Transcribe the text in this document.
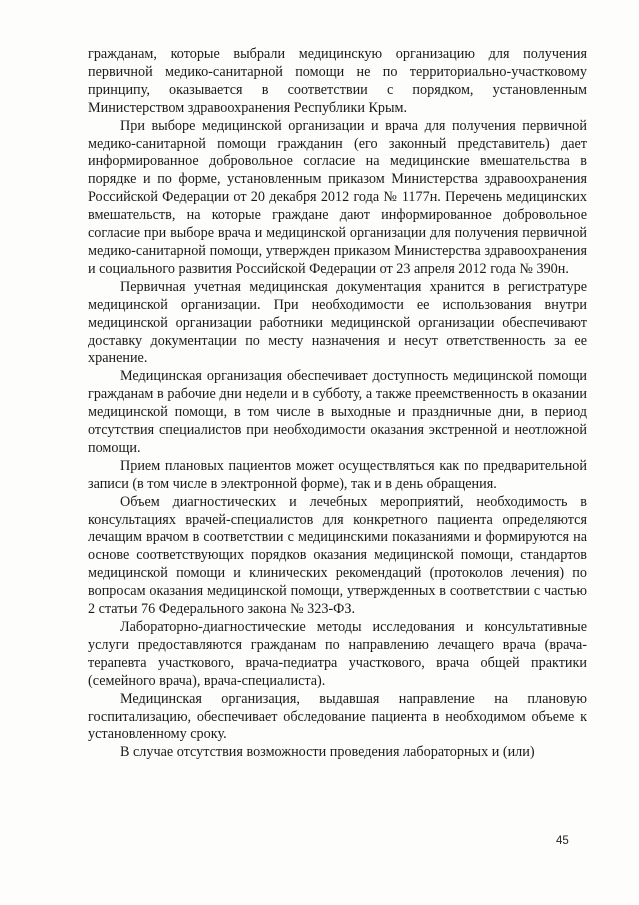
гражданам, которые выбрали медицинскую организацию для получения первичной медико-санитарной помощи не по территориально-участковому принципу, оказывается в соответствии с порядком, установленным Министерством здравоохранения Республики Крым.

При выборе медицинской организации и врача для получения первичной медико-санитарной помощи гражданин (его законный представитель) дает информированное добровольное согласие на медицинские вмешательства в порядке и по форме, установленным приказом Министерства здравоохранения Российской Федерации от 20 декабря 2012 года № 1177н. Перечень медицинских вмешательств, на которые граждане дают информированное добровольное согласие при выборе врача и медицинской организации для получения первичной медико-санитарной помощи, утвержден приказом Министерства здравоохранения и социального развития Российской Федерации от 23 апреля 2012 года № 390н.

Первичная учетная медицинская документация хранится в регистратуре медицинской организации. При необходимости ее использования внутри медицинской организации работники медицинской организации обеспечивают доставку документации по месту назначения и несут ответственность за ее хранение.

Медицинская организация обеспечивает доступность медицинской помощи гражданам в рабочие дни недели и в субботу, а также преемственность в оказании медицинской помощи, в том числе в выходные и праздничные дни, в период отсутствия специалистов при необходимости оказания экстренной и неотложной помощи.

Прием плановых пациентов может осуществляться как по предварительной записи (в том числе в электронной форме), так и в день обращения.

Объем диагностических и лечебных мероприятий, необходимость в консультациях врачей-специалистов для конкретного пациента определяются лечащим врачом в соответствии с медицинскими показаниями и формируются на основе соответствующих порядков оказания медицинской помощи, стандартов медицинской помощи и клинических рекомендаций (протоколов лечения) по вопросам оказания медицинской помощи, утвержденных в соответствии с частью 2 статьи 76 Федерального закона № 323-ФЗ.

Лабораторно-диагностические методы исследования и консультативные услуги предоставляются гражданам по направлению лечащего врача (врача-терапевта участкового, врача-педиатра участкового, врача общей практики (семейного врача), врача-специалиста).

Медицинская организация, выдавшая направление на плановую госпитализацию, обеспечивает обследование пациента в необходимом объеме к установленному сроку.

В случае отсутствия возможности проведения лабораторных и (или)

45
